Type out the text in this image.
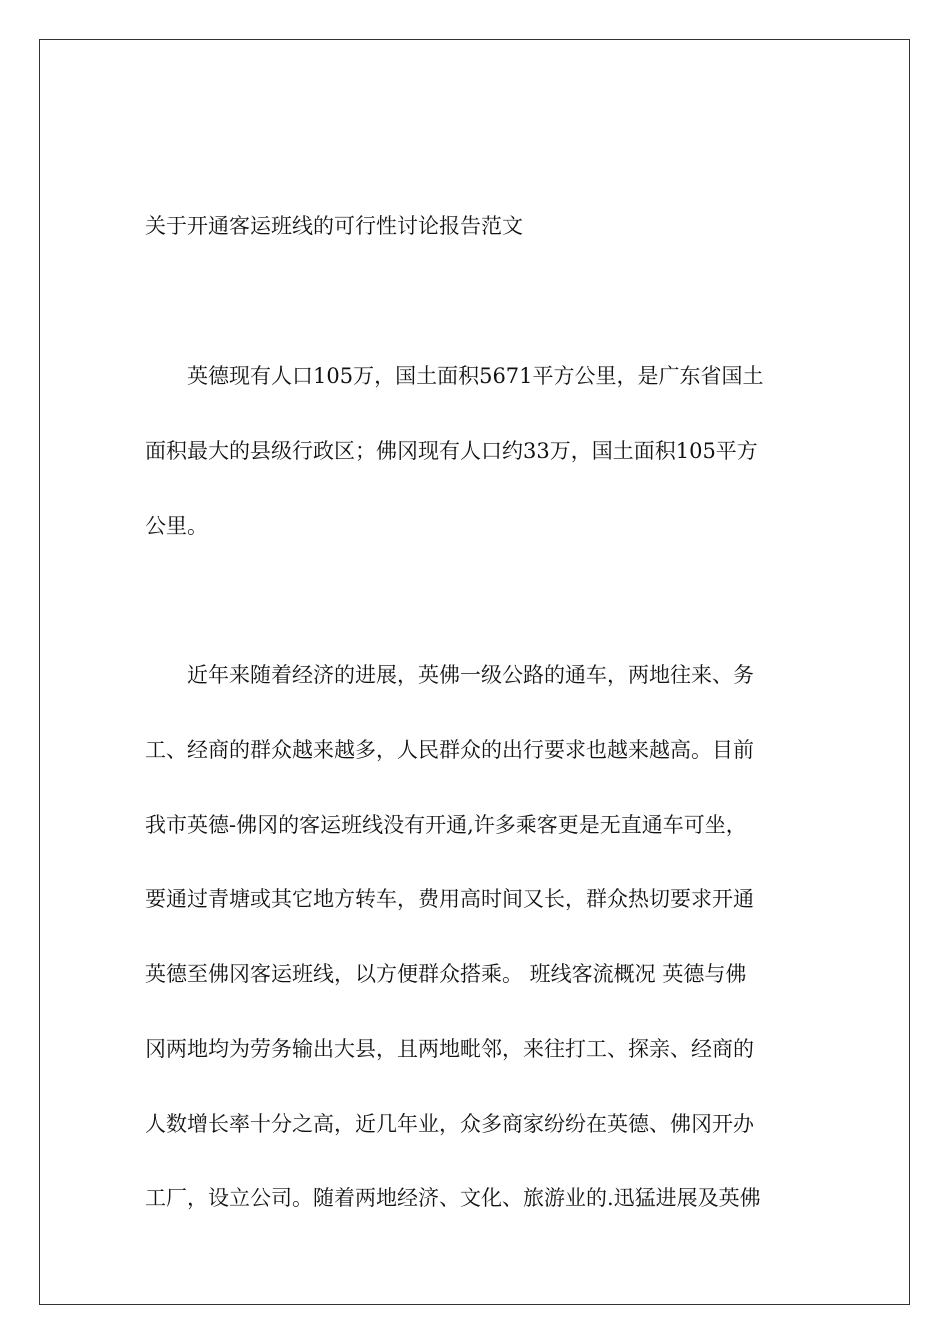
关于开通客运班线的可行性讨论报告范文
英德现有人口105万，国土面积5671平方公里，是广东省国土
面积最大的县级行政区；佛冈现有人口约33万，国土面积105平方
公里。
近年来随着经济的进展，英佛一级公路的通车，两地往来、务
工、经商的群众越来越多，人民群众的出行要求也越来越高。目前
我市英德-佛冈的客运班线没有开通,许多乘客更是无直通车可坐，
要通过青塘或其它地方转车，费用高时间又长，群众热切要求开通
英德至佛冈客运班线，以方便群众搭乘。 班线客流概况 英德与佛
冈两地均为劳务输出大县，且两地毗邻，来往打工、探亲、经商的
人数增长率十分之高，近几年业，众多商家纷纷在英德、佛冈开办
工厂，设立公司。随着两地经济、文化、旅游业的.迅猛进展及英佛
